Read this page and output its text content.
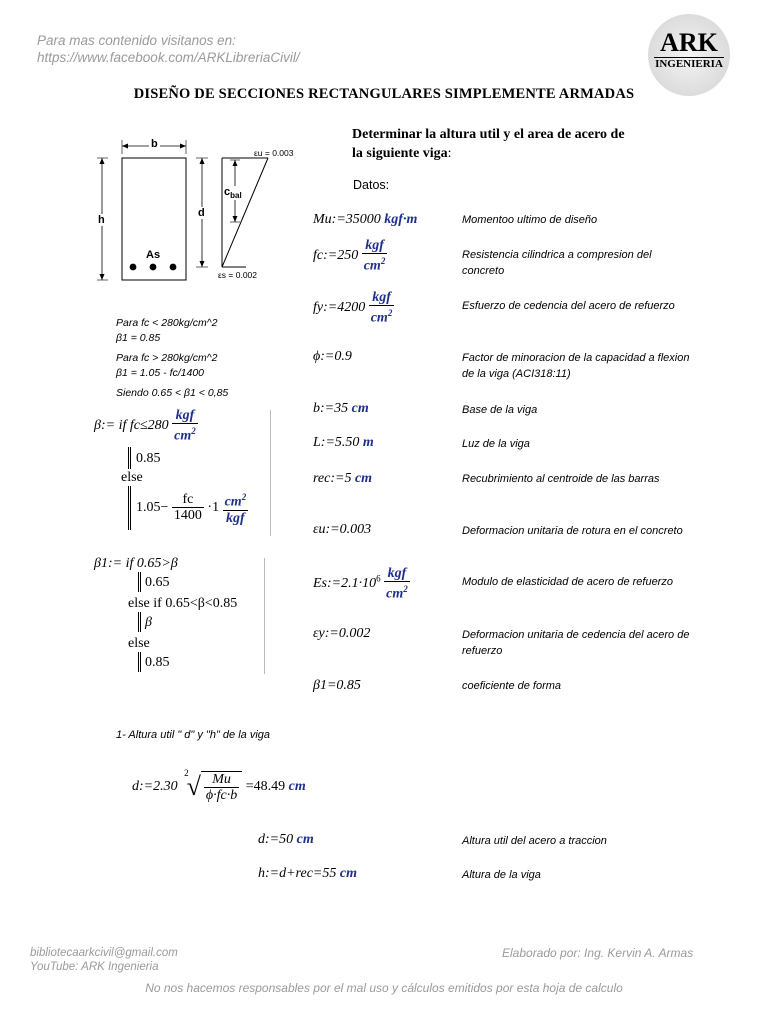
Para mas contenido visitanos en:
https://www.facebook.com/ARKLibreriaCivil/
ARK
INGENIERIA
DISEÑO DE SECCIONES RECTANGULARES SIMPLEMENTE ARMADAS
b
h
d
As
$c_{bal}$
εu = 0.003
εs = 0.002
Determinar la altura util y el area de acero de
la siguiente viga:
Datos:
Para fc < 280kg/cm^2
β1 = 0.85
Para fc > 280kg/cm^2
β1 = 1.05 - fc/1400
Siendo 0.65 < β1 < 0,85
β:= if $fc\le 280 \frac{\text{kgf}}{cm^2}$
0.85
else
$1.05- \frac{fc}{1400} \cdot 1 \frac{cm^2}{\text{kgf}}$
β1:= if 0.65>β
0.65
else if 0.65<β<0.85
β
else
0.85
Mu:=35000 kgf·m	Momentoo ultimo de diseño
fc:=250 $\frac{\text{kgf}}{cm^2}$	Resistencia cilindrica a compresion del concreto
fy:=4200 $\frac{\text{kgf}}{cm^2}$	Esfuerzo de cedencia del acero de refuerzo
ϕ:=0.9	Factor de minoracion de la capacidad a flexion de la viga (ACI318:11)
b:=35 cm	Base de la viga
L:=5.50 m	Luz de la viga
rec:=5 cm	Recubrimiento al centroide de las barras
εu:=0.003	Deformacion unitaria de rotura en el concreto
$Es:=2.1\cdot 10^6 \frac{\text{kgf}}{cm^2}$	Modulo de elasticidad de acero de refuerzo
εy:=0.002	Deformacion unitaria de cedencia del acero de refuerzo
β1=0.85	coeficiente de forma
1- Altura util " d" y "h" de la viga
d:=2.30 $^2√ \frac{Mu}{\phi\cdot fc\cdot b} =48.49$ cm
d:=50 cm	Altura util del acero a traccion
h:=d+rec=55 cm	Altura de la viga
bibliotecaarkcivil@gmail.com
YouTube: ARK Ingenieria
Elaborado por: Ing. Kervin A. Armas
No nos hacemos responsables por el mal uso y cálculos emitidos por esta hoja de calculo
